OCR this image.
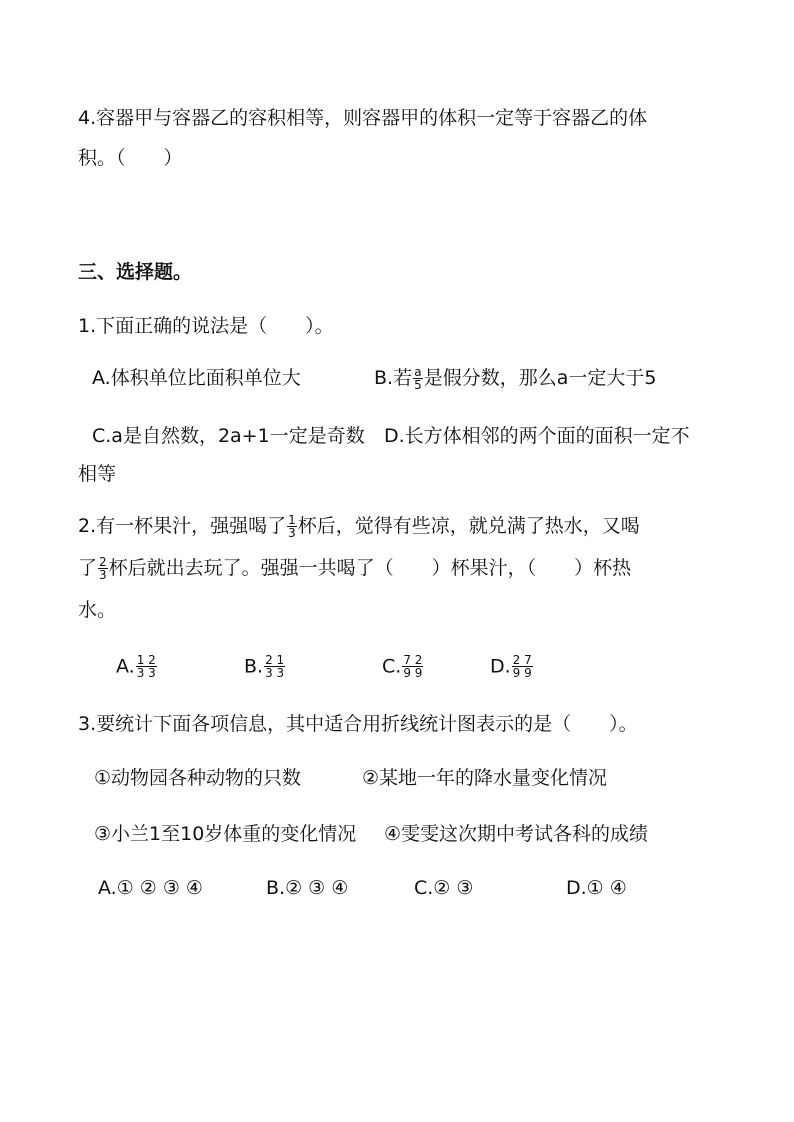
4.容器甲与容器乙的容积相等，则容器甲的体积一定等于容器乙的体
积。（　　）
三、选择题。
1.下面正确的说法是（　　）。
A.体积单位比面积单位大	B.若 $\frac{a}{5}$ 是假分数，那么a一定大于5
C.a是自然数，2a+1一定是奇数 D.长方体相邻的两个面的面积一定不
相等
2.有一杯果汁，强强喝了 $\frac{1}{3}$ 杯后，觉得有些凉，就兑满了热水，又喝
了 $\frac{2}{3}$ 杯后就出去玩了。强强一共喝了（　　）杯果汁，（　　）杯热
水。
A. $\frac{1 2}{3 3}$	B. $\frac{2 1}{3 3}$	C. $\frac{7 2}{9 9}$	D. $\frac{2 7}{9 9}$
3.要统计下面各项信息，其中适合用折线统计图表示的是（　　）。
①动物园各种动物的只数	②某地一年的降水量变化情况
③小兰1至10岁体重的变化情况 ④雯雯这次期中考试各科的成绩
A.① ② ③ ④	B.② ③ ④	C.② ③	D.① ④
